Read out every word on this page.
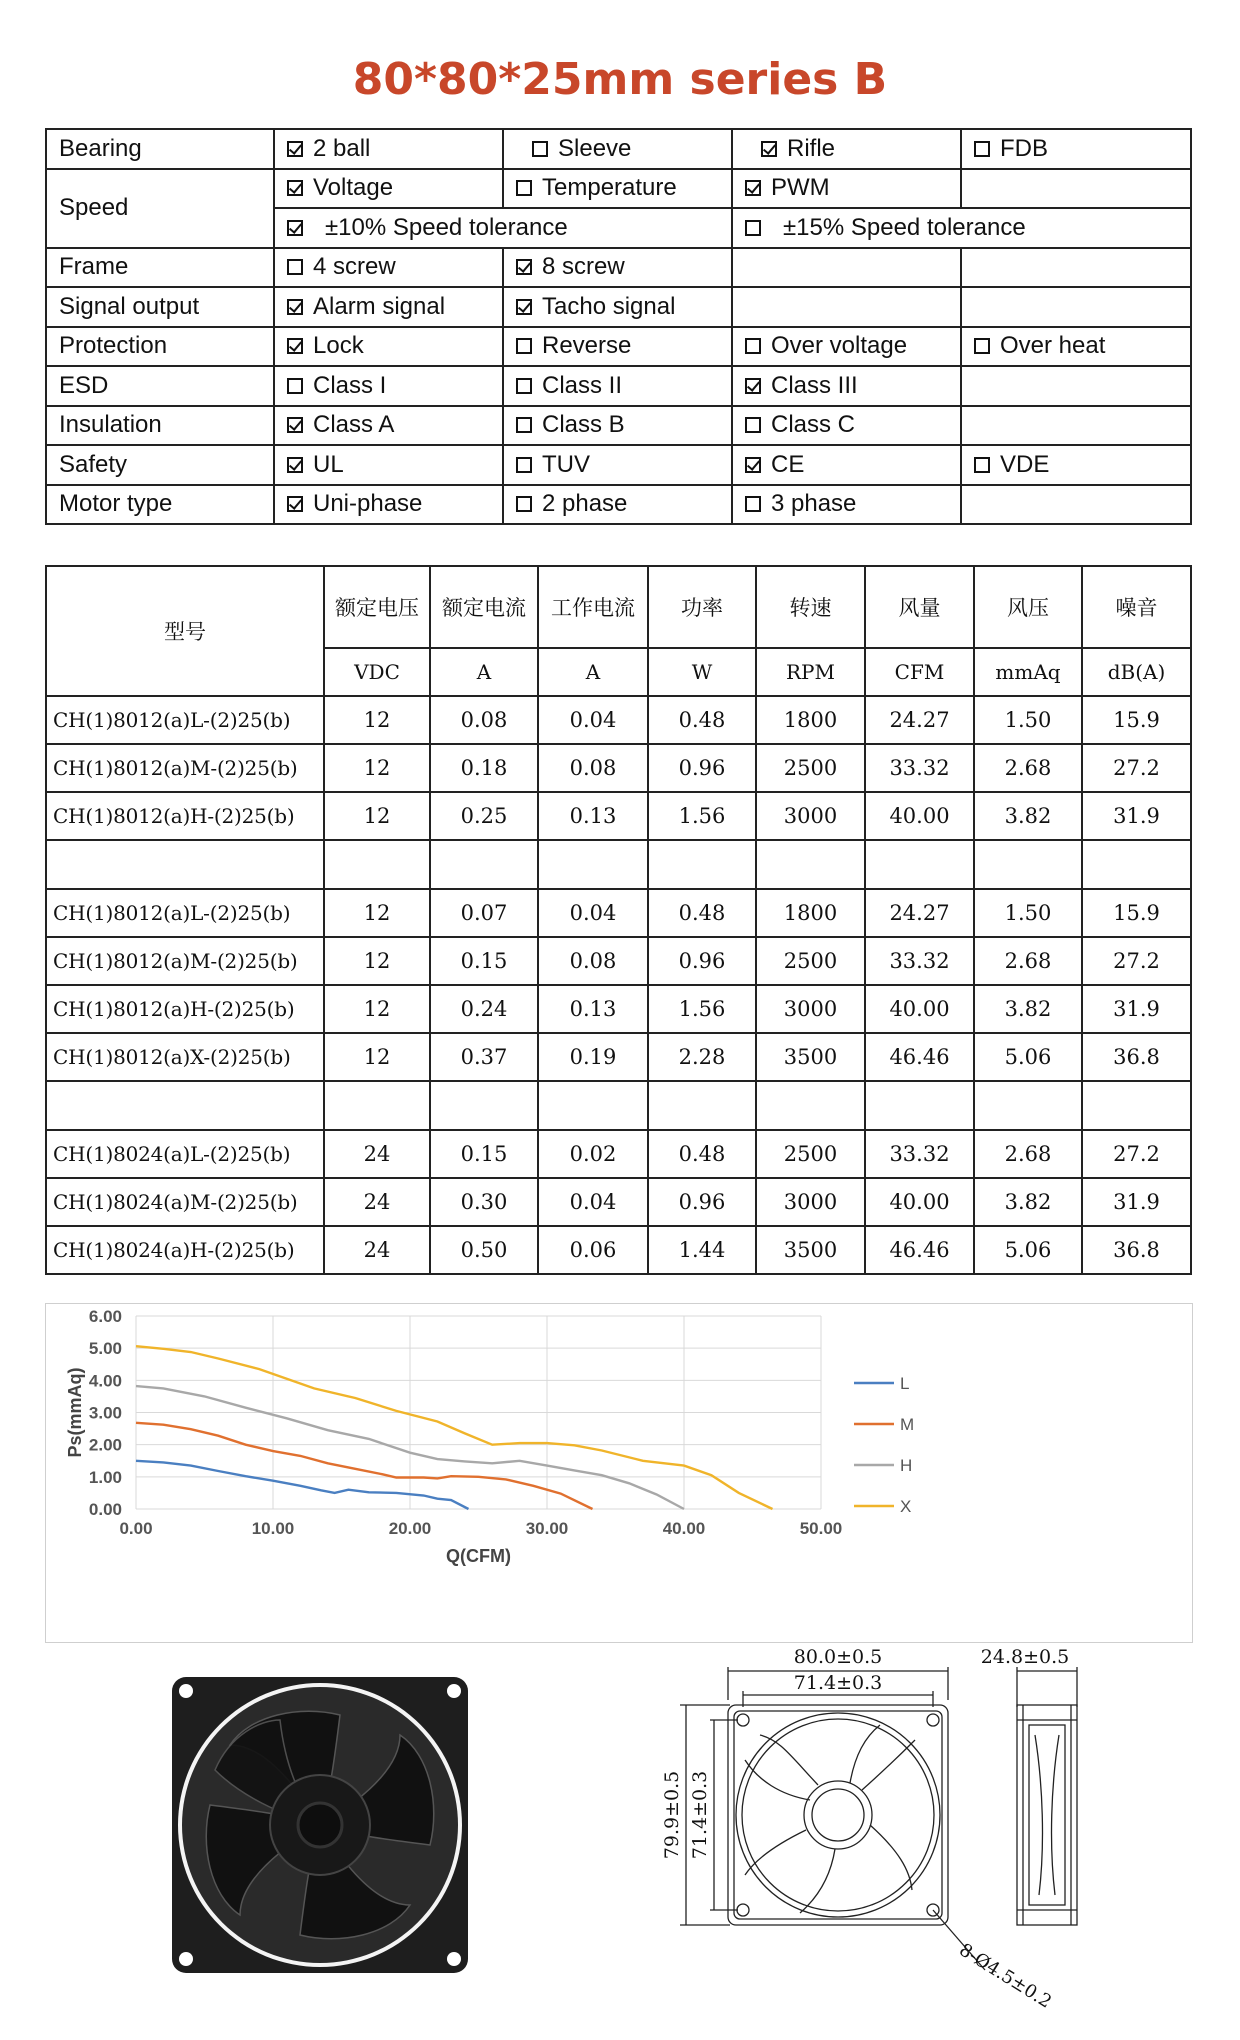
80*80*25mm series B
Bearing	2 ball	Sleeve	Rifle	FDB
Speed	Voltage	Temperature	PWM	
	±10% Speed tolerance		±15% Speed tolerance	
Frame	4 screw	8 screw		
Signal output	Alarm signal	Tacho signal		
Protection	Lock	Reverse	Over voltage	Over heat
ESD	Class I	Class II	Class III	
Insulation	Class A	Class B	Class C	
Safety	UL	TUV	CE	VDE
Motor type	Uni-phase	2 phase	3 phase	
型号	额定电压	额定电流	工作电流	功率	转速	风量	风压	噪音
	VDC	A	A	W	RPM	CFM	mmAq	dB(A)
CH(1)8012(a)L-(2)25(b)	12	0.08	0.04	0.48	1800	24.27	1.50	15.9
CH(1)8012(a)M-(2)25(b)	12	0.18	0.08	0.96	2500	33.32	2.68	27.2
CH(1)8012(a)H-(2)25(b)	12	0.25	0.13	1.56	3000	40.00	3.82	31.9

CH(1)8012(a)L-(2)25(b)	12	0.07	0.04	0.48	1800	24.27	1.50	15.9
CH(1)8012(a)M-(2)25(b)	12	0.15	0.08	0.96	2500	33.32	2.68	27.2
CH(1)8012(a)H-(2)25(b)	12	0.24	0.13	1.56	3000	40.00	3.82	31.9
CH(1)8012(a)X-(2)25(b)	12	0.37	0.19	2.28	3500	46.46	5.06	36.8

CH(1)8024(a)L-(2)25(b)	24	0.15	0.02	0.48	2500	33.32	2.68	27.2
CH(1)8024(a)M-(2)25(b)	24	0.30	0.04	0.96	3000	40.00	3.82	31.9
CH(1)8024(a)H-(2)25(b)	24	0.50	0.06	1.44	3500	46.46	5.06	36.8
0.00	10.00	20.00	30.00	40.00	50.00
0.00
1.00
2.00
3.00
4.00
5.00
6.00
Q(CFM)
Ps(mmAq)	L
M
H
X
80.0±0.5
71.4±0.3
79.9±0.5 71.4±0.3
8-Ø4.5±0.2
24.8±0.5
